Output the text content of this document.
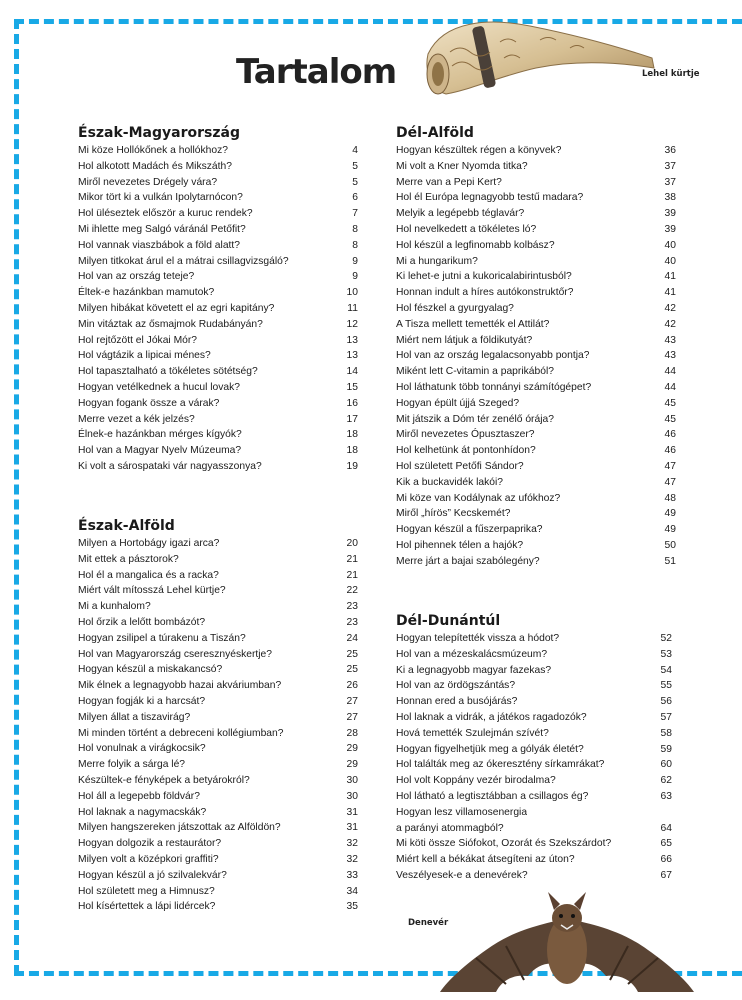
Tartalom	Lehel kürtje
Denevér
Észak-Magyarország
Mi köze Hollókőnek a hollókhoz?	4
Hol alkotott Madách és Mikszáth?	5
Miről nevezetes Drégely vára?	5
Mikor tört ki a vulkán Ipolytarnócon?	6
Hol üléseztek először a kuruc rendek?	7
Mi ihlette meg Salgó váránál Petőfit?	8
Hol vannak viaszbábok a föld alatt?	8
Milyen titkokat árul el a mátrai csillagvizsgáló?	9
Hol van az ország teteje?	9
Éltek-e hazánkban mamutok?	10
Milyen hibákat követett el az egri kapitány?	11
Min vitáztak az ősmajmok Rudabányán?	12
Hol rejtőzött el Jókai Mór?	13
Hol vágtázik a lipicai ménes?	13
Hol tapasztalható a tökéletes sötétség?	14
Hogyan vetélkednek a hucul lovak?	15
Hogyan fogank össze a várak?	16
Merre vezet a kék jelzés?	17
Élnek-e hazánkban mérges kígyók?	18
Hol van a Magyar Nyelv Múzeuma?	18
Ki volt a sárospataki vár nagyasszonya?	19
Észak-Alföld
Milyen a Hortobágy igazi arca?	20
Mit ettek a pásztorok?	21
Hol él a mangalica és a racka?	21
Miért vált mítosszá Lehel kürtje?	22
Mi a kunhalom?	23
Hol őrzik a lelőtt bombázót?	23
Hogyan zsilipel a túrakenu a Tiszán?	24
Hol van Magyarország cseresznyéskertje?	25
Hogyan készül a miskakancsó?	25
Mik élnek a legnagyobb hazai akváriumban?	26
Hogyan fogják ki a harcsát?	27
Milyen állat a tiszavirág?	27
Mi minden történt a debreceni kollégiumban?	28
Hol vonulnak a virágkocsik?	29
Merre folyik a sárga lé?	29
Készültek-e fényképek a betyárokról?	30
Hol áll a legepebb földvár?	30
Hol laknak a nagymacskák?	31
Milyen hangszereken játszottak az Alföldön?	31
Hogyan dolgozik a restaurátor?	32
Milyen volt a középkori graffiti?	32
Hogyan készül a jó szilvalekvár?	33
Hol született meg a Himnusz?	34
Hol kísértettek a lápi lidércek?	35
Dél-Alföld
Hogyan készültek régen a könyvek?	36
Mi volt a Kner Nyomda titka?	37
Merre van a Pepi Kert?	37
Hol él Európa legnagyobb testű madara?	38
Melyik a legépebb téglavár?	39
Hol nevelkedett a tökéletes ló?	39
Hol készül a legfinomabb kolbász?	40
Mi a hungarikum?	40
Ki lehet-e jutni a kukoricalabirintusból?	41
Honnan indult a híres autókonstruktőr?	41
Hol fészkel a gyurgyalag?	42
A Tisza mellett temették el Attilát?	42
Miért nem látjuk a földikutyát?	43
Hol van az ország legalacsonyabb pontja?	43
Miként lett C-vitamin a paprikából?	44
Hol láthatunk több tonnányi számítógépet?	44
Hogyan épült újjá Szeged?	45
Mit játszik a Dóm tér zenélő órája?	45
Miről nevezetes Ópusztaszer?	46
Hol kelhetünk át pontonhídon?	46
Hol született Petőfi Sándor?	47
Kik a buckavidék lakói?	47
Mi köze van Kodálynak az ufókhoz?	48
Miről „hírös” Kecskemét?	49
Hogyan készül a fűszerpaprika?	49
Hol pihennek télen a hajók?	50
Merre járt a bajai szabólegény?	51
Dél-Dunántúl
Hogyan telepítették vissza a hódot?	52
Hol van a mézeskalácsmúzeum?	53
Ki a legnagyobb magyar fazekas?	54
Hol van az ördögszántás?	55
Honnan ered a busójárás?	56
Hol laknak a vidrák, a játékos ragadozók?	57
Hová temették Szulejmán szívét?	58
Hogyan figyelhetjük meg a gólyák életét?	59
Hol találták meg az ókeresztény sírkamrákat?	60
Hol volt Koppány vezér birodalma?	62
Hol látható a legtisztábban a csillagos ég?	63
Hogyan lesz villamosenergia
a parányi atommagból?	64
Mi köti össze Siófokot, Ozorát és Szekszárdot?	65
Miért kell a békákat átsegíteni az úton?	66
Veszélyesek-e a denevérek?	67
